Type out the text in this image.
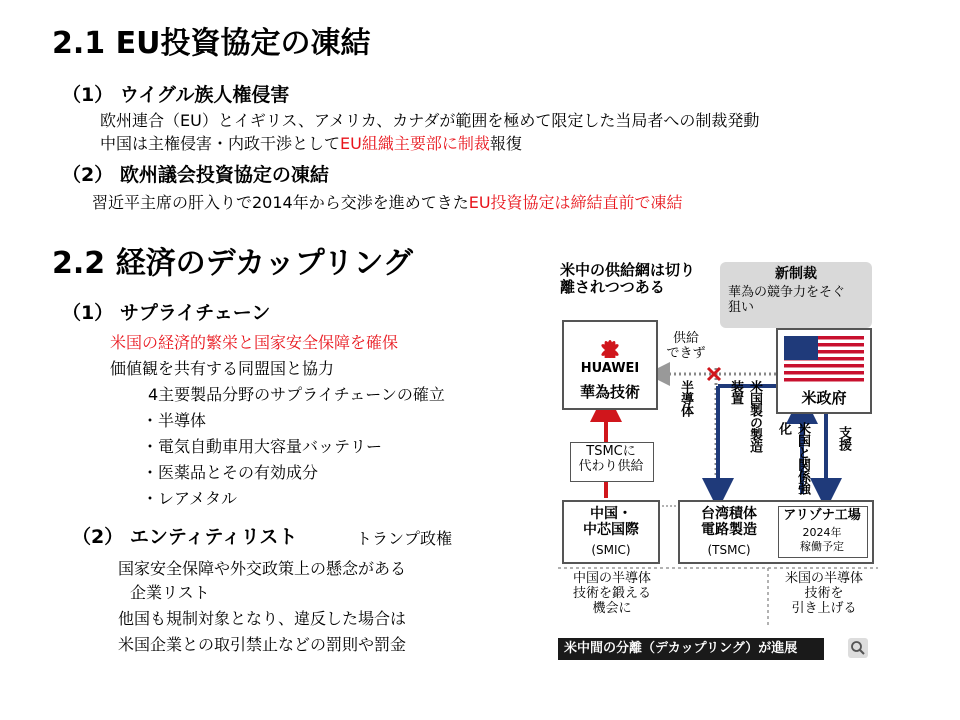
2.1 EU投資協定の凍結
（1） ウイグル族人権侵害
欧州連合（EU）とイギリス、アメリカ、カナダが範囲を極めて限定した当局者への制裁発動
中国は主権侵害・内政干渉としてEU組織主要部に制裁報復
（2） 欧州議会投資協定の凍結
習近平主席の肝入りで2014年から交渉を進めてきたEU投資協定は締結直前で凍結
2.2 経済のデカップリング
（1） サプライチェーン
米国の経済的繁栄と国家安全保障を確保
価値観を共有する同盟国と協力
4主要製品分野のサプライチェーンの確立
・半導体
・電気自動車用大容量バッテリー
・医薬品とその有効成分
・レアメタル
（2） エンティティリスト	トランプ政権
国家安全保障や外交政策上の懸念がある
企業リスト
他国も規制対象となり、違反した場合は
米国企業との取引禁止などの罰則や罰金
米中の供給網は切り
離されつつある
新制裁
華為の競争力をそぐ
狙い
HUAWEI
華為技術	米政府
供給
できず
半導体	米国製の製造装置
米国と関係強化	支援
TSMCに
代わり供給
中国・
中芯国際
(SMIC)
台湾積体
電路製造
(TSMC)
アリゾナ工場
2024年
稼働予定
中国の半導体
技術を鍛える
機会に
米国の半導体
技術を
引き上げる
米中間の分離（デカップリング）が進展
